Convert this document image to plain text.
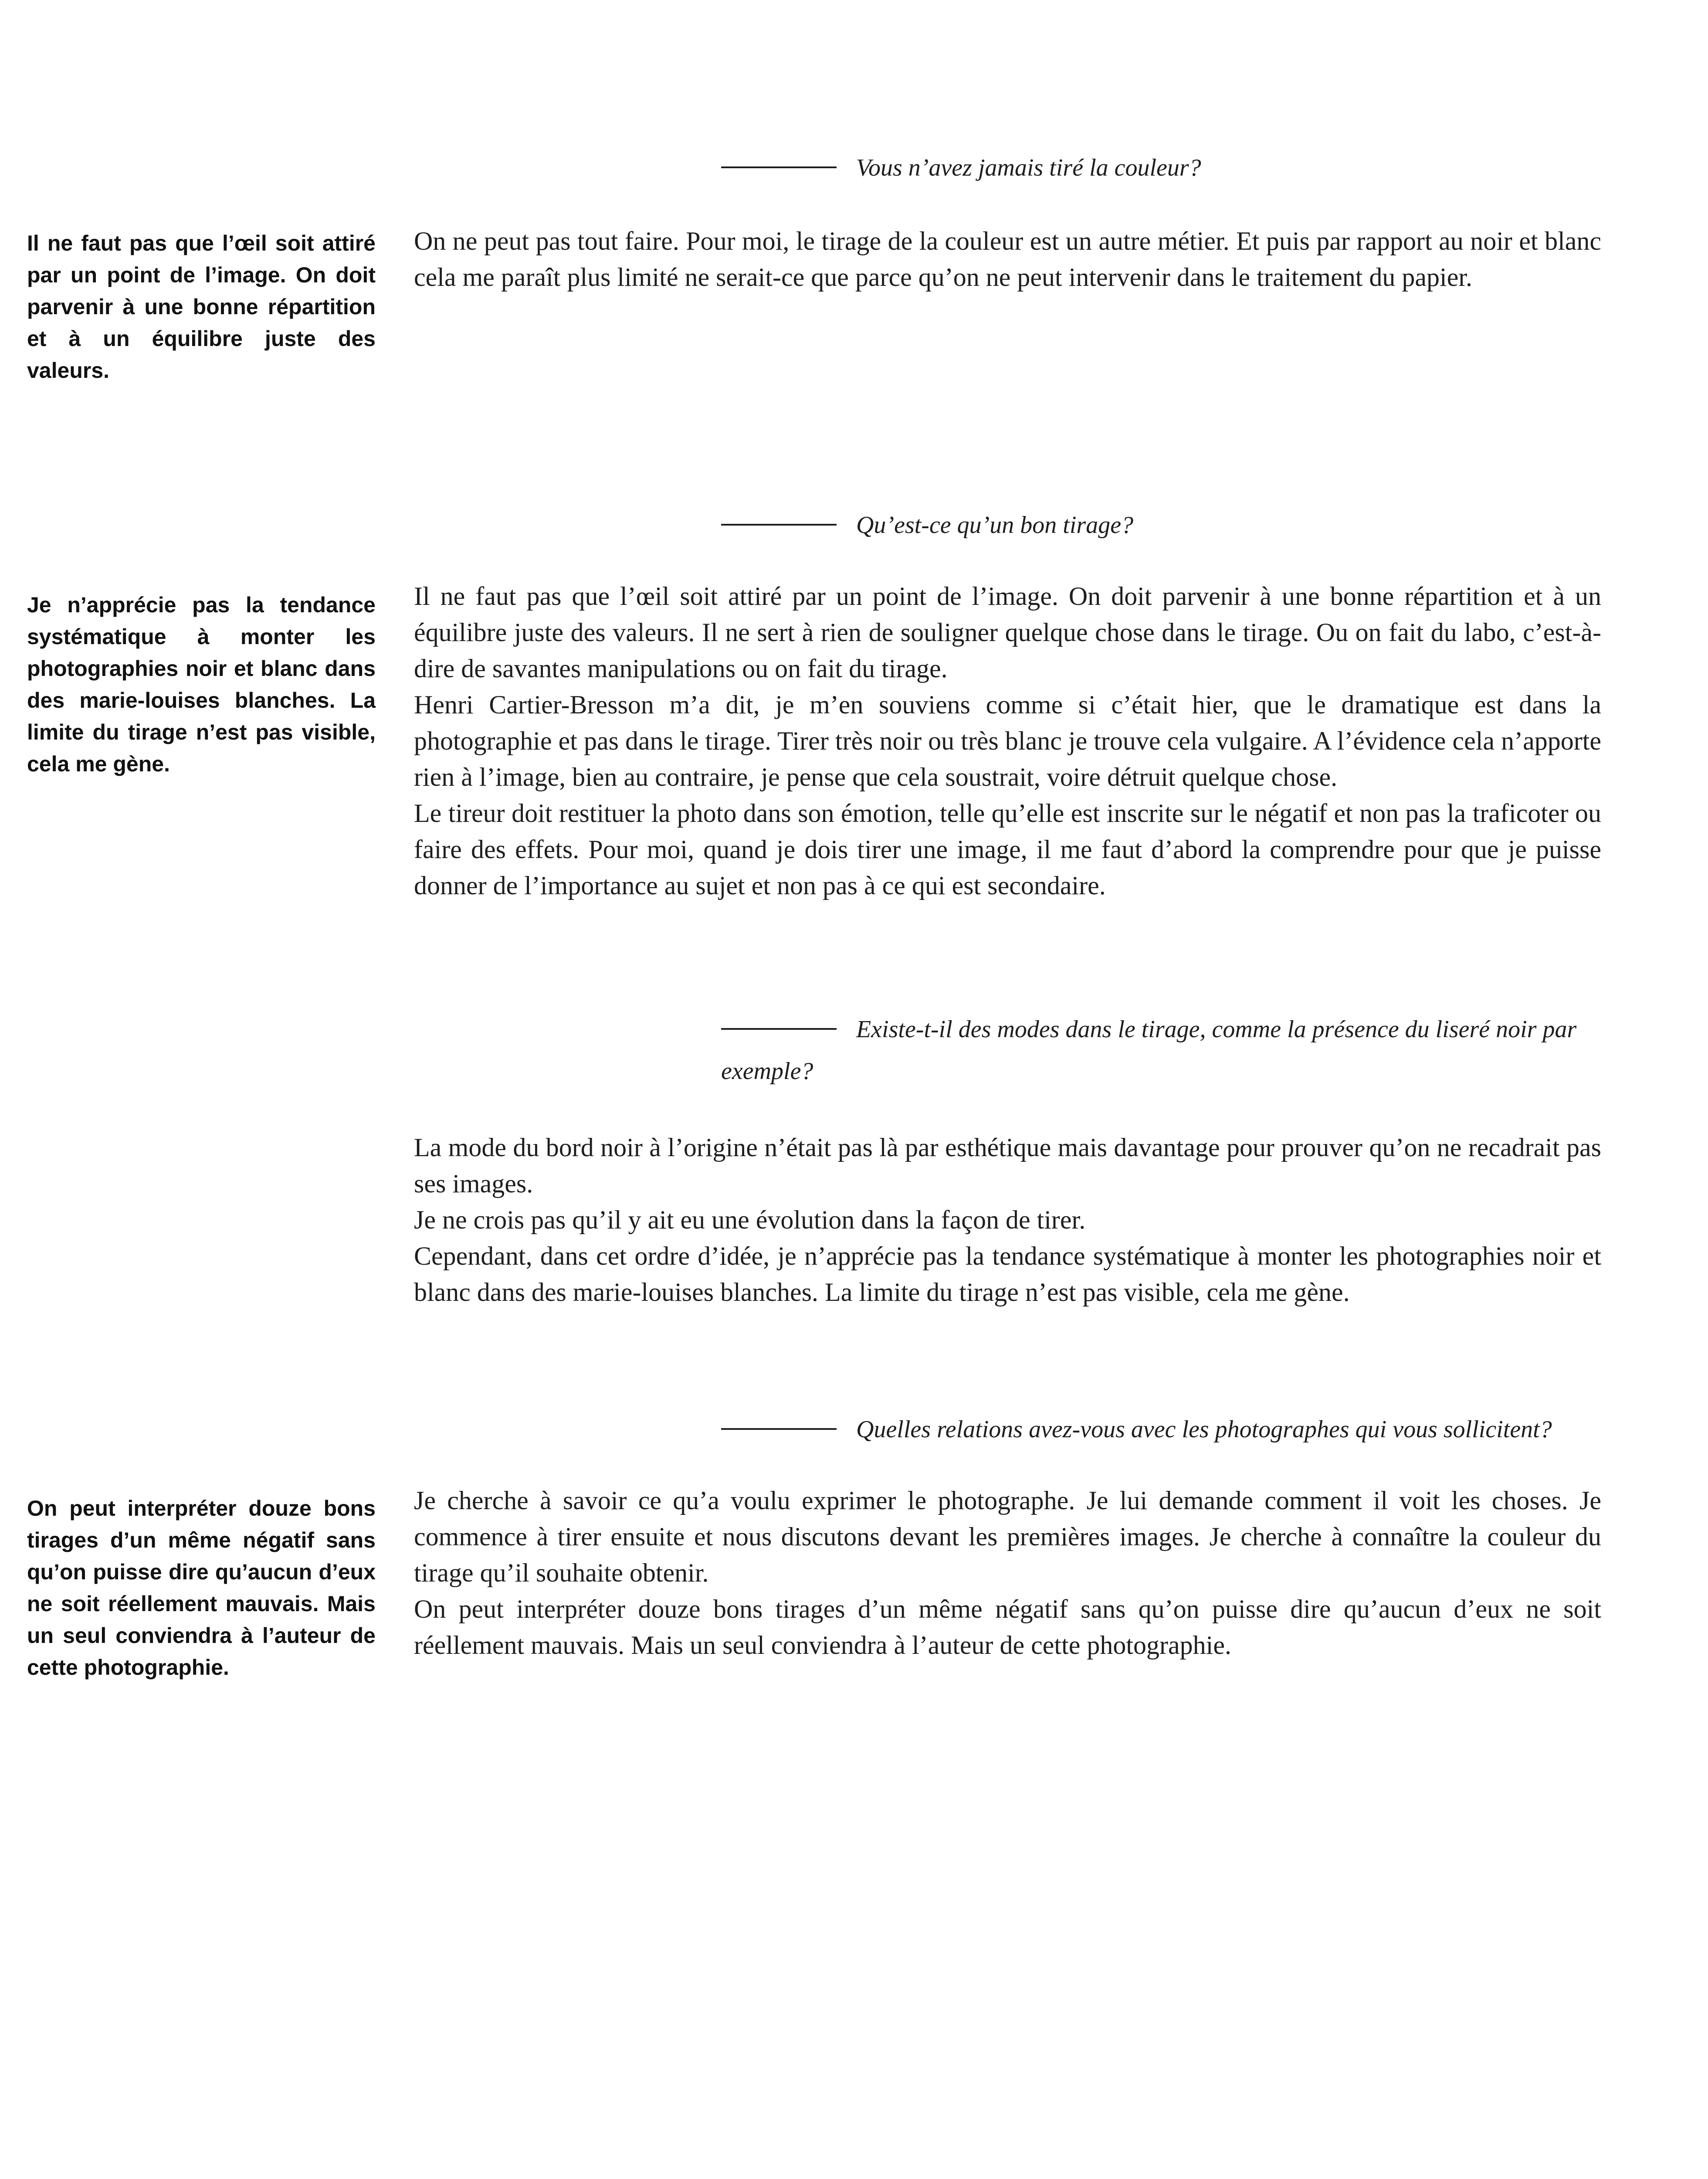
Vous n’avez jamais tiré la couleur?

On ne peut pas tout faire. Pour moi, le tirage de la couleur est un autre métier. Et puis par rapport au noir et blanc cela me paraît plus limité ne serait-ce que parce qu’on ne peut intervenir dans le traitement du papier.

Il ne faut pas que l’œil soit attiré par un point de l’image. On doit parvenir à une bonne répartition et à un équilibre juste des valeurs.
Qu’est-ce qu’un bon tirage?

Il ne faut pas que l’œil soit attiré par un point de l’image. On doit parvenir à une bonne répartition et à un équilibre juste des valeurs. Il ne sert à rien de souligner quelque chose dans le tirage. Ou on fait du labo, c’est-à-dire de savantes manipulations ou on fait du tirage.

Henri Cartier-Bresson m’a dit, je m’en souviens comme si c’était hier, que le dramatique est dans la photographie et pas dans le tirage. Tirer très noir ou très blanc je trouve cela vulgaire. A l’évidence cela n’apporte rien à l’image, bien au contraire, je pense que cela soustrait, voire détruit quelque chose.

Le tireur doit restituer la photo dans son émotion, telle qu’elle est inscrite sur le négatif et non pas la traficoter ou faire des effets. Pour moi, quand je dois tirer une image, il me faut d’abord la comprendre pour que je puisse donner de l’importance au sujet et non pas à ce qui est secondaire.

Je n’apprécie pas la tendance systématique à monter les photographies noir et blanc dans des marie-louises blanches. La limite du tirage n’est pas visible, cela me gène.
Existe-t-il des modes dans le tirage, comme la présence du liseré noir par exemple?

La mode du bord noir à l’origine n’était pas là par esthétique mais davantage pour prouver qu’on ne recadrait pas ses images.

Je ne crois pas qu’il y ait eu une évolution dans la façon de tirer.

Cependant, dans cet ordre d’idée, je n’apprécie pas la tendance systématique à monter les photographies noir et blanc dans des marie-louises blanches. La limite du tirage n’est pas visible, cela me gène.

Quelles relations avez-vous avec les photographes qui vous sollicitent?

Je cherche à savoir ce qu’a voulu exprimer le photographe. Je lui demande comment il voit les choses. Je commence à tirer ensuite et nous discutons devant les premières images. Je cherche à connaître la couleur du tirage qu’il souhaite obtenir.

On peut interpréter douze bons tirages d’un même négatif sans qu’on puisse dire qu’aucun d’eux ne soit réellement mauvais. Mais un seul conviendra à l’auteur de cette photographie.

On peut interpréter douze bons tirages d’un même négatif sans qu’on puisse dire qu’aucun d’eux ne soit réellement mauvais. Mais un seul conviendra à l’auteur de cette photographie.
